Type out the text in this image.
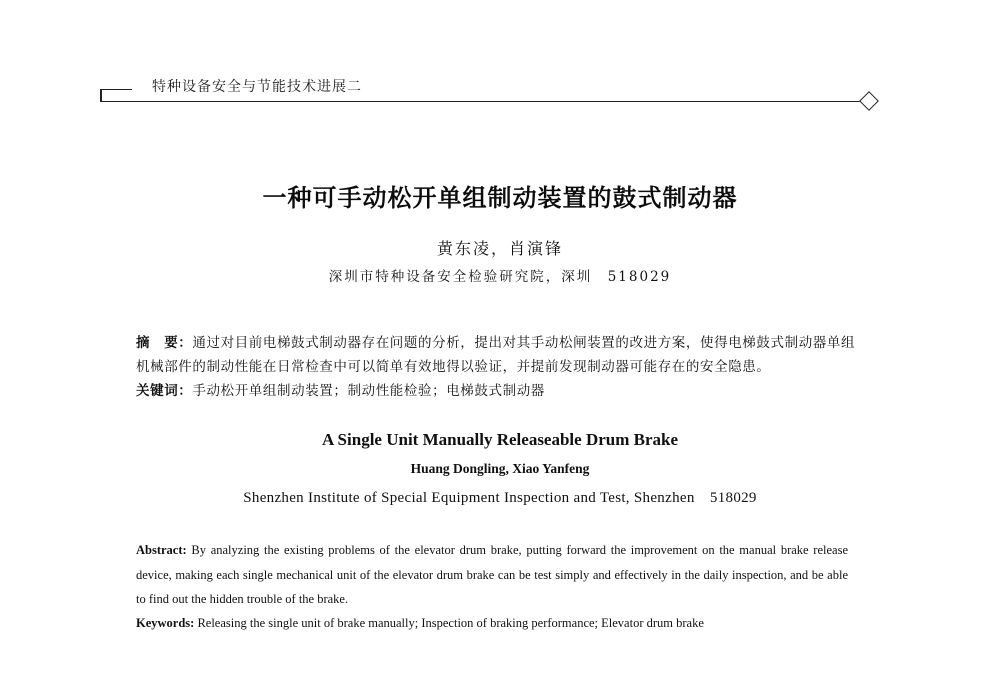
特种设备安全与节能技术进展二
一种可手动松开单组制动装置的鼓式制动器
黄东凌，肖演锋
深圳市特种设备安全检验研究院，深圳　518029
摘　要：通过对目前电梯鼓式制动器存在问题的分析，提出对其手动松闸装置的改进方案，使得电梯鼓式制动器单组机械部件的制动性能在日常检查中可以简单有效地得以验证，并提前发现制动器可能存在的安全隐患。
关键词：手动松开单组制动装置；制动性能检验；电梯鼓式制动器
A Single Unit Manually Releaseable Drum Brake
Huang Dongling, Xiao Yanfeng
Shenzhen Institute of Special Equipment Inspection and Test, Shenzhen　518029
Abstract: By analyzing the existing problems of the elevator drum brake, putting forward the improvement on the manual brake release device, making each single mechanical unit of the elevator drum brake can be test simply and effectively in the daily inspection, and be able to find out the hidden trouble of the brake.
Keywords: Releasing the single unit of brake manually; Inspection of braking performance; Elevator drum brake
